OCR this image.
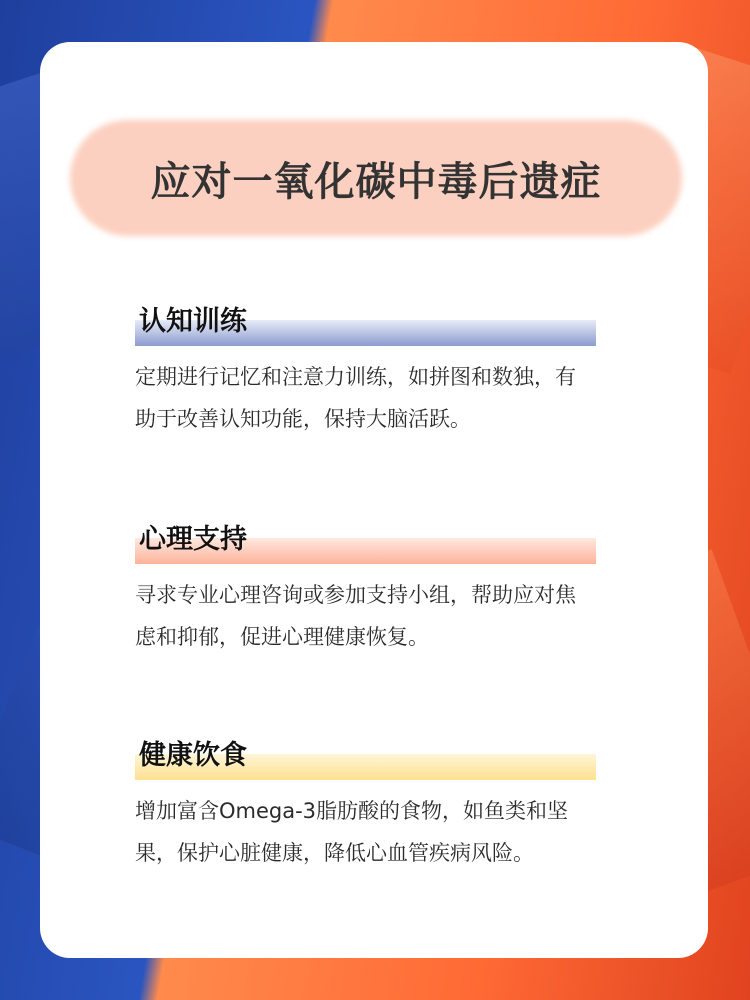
应对一氧化碳中毒后遗症
认知训练
定期进行记忆和注意力训练，如拼图和数独，有
助于改善认知功能，保持大脑活跃。
心理支持
寻求专业心理咨询或参加支持小组，帮助应对焦
虑和抑郁，促进心理健康恢复。
健康饮食
增加富含Omega-3脂肪酸的食物，如鱼类和坚
果，保护心脏健康，降低心血管疾病风险。
